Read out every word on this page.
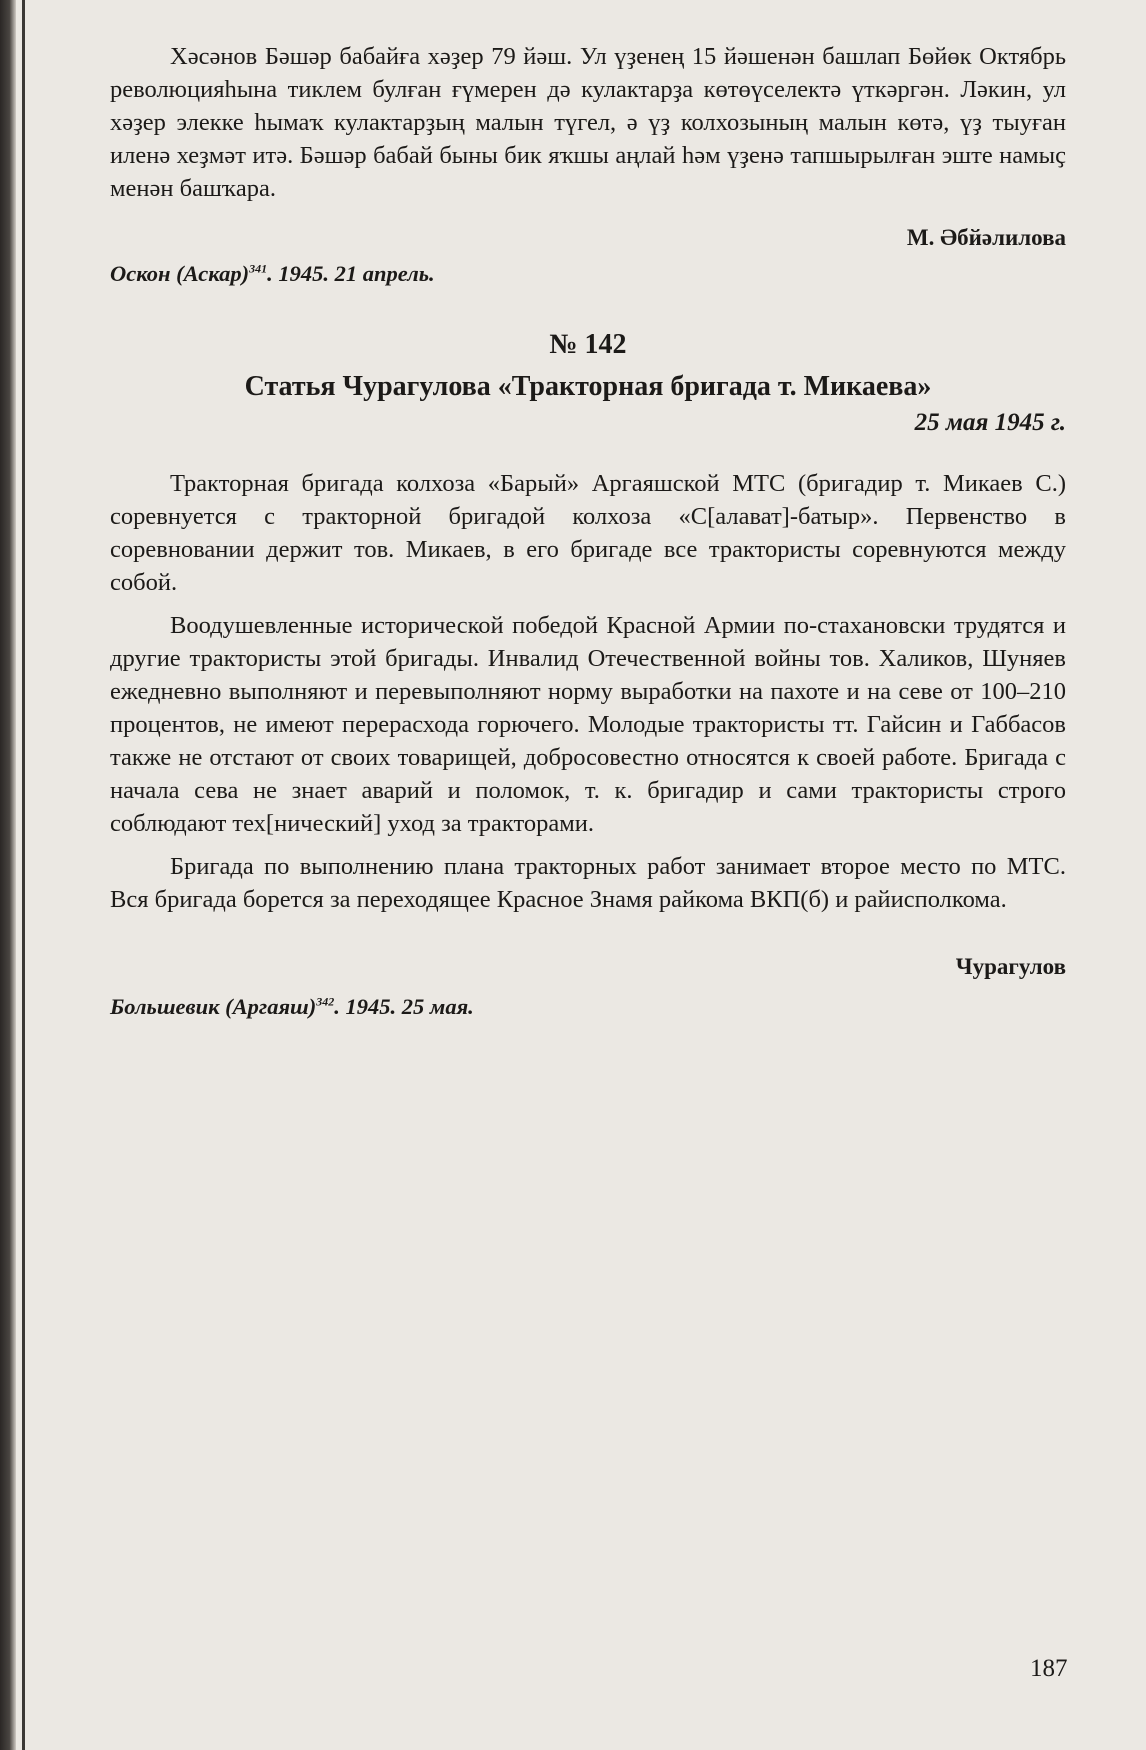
Хәсәнов Бәшәр бабайға хәҙер 79 йәш. Ул үҙенең 15 йәшенән башлап Бөйөк Октябрь революцияһына тиклем булған ғүмерен дә кулактарҙа көтөүселектә үткәргән. Ләкин, ул хәҙер элекке һымаҡ кулактарҙың малын түгел, ә үҙ колхозының малын көтә, үҙ тыуған иленә хеҙмәт итә. Бәшәр бабай быны бик яҡшы аңлай һәм үҙенә тапшырылған эште намыҫ менән башҡара.

М. Әбйәлилова
Оскон (Аскар)$^{341}$. 1945. 21 апрель.
№ 142
Статья Чурагулова «Тракторная бригада т. Микаева»
25 мая 1945 г.

Тракторная бригада колхоза «Барый» Аргаяшской МТС (бригадир т. Микаев С.) соревнуется с тракторной бригадой колхоза «С[алават]-батыр». Первенство в соревновании держит тов. Микаев, в его бригаде все трактористы соревнуются между собой.

Воодушевленные исторической победой Красной Армии по-стахановски трудятся и другие трактористы этой бригады. Инвалид Отечественной войны тов. Халиков, Шуняев ежедневно выполняют и перевыполняют норму выработки на пахоте и на севе от 100–210 процентов, не имеют перерасхода горючего. Молодые трактористы тт. Гайсин и Габбасов также не отстают от своих товарищей, добросовестно относятся к своей работе. Бригада с начала сева не знает аварий и поломок, т. к. бригадир и сами трактористы строго соблюдают тех[нический] уход за тракторами.

Бригада по выполнению плана тракторных работ занимает второе место по МТС. Вся бригада борется за переходящее Красное Знамя райкома ВКП(б) и райисполкома.

Чурагулов
Большевик (Аргаяш)$^{342}$. 1945. 25 мая.
187
